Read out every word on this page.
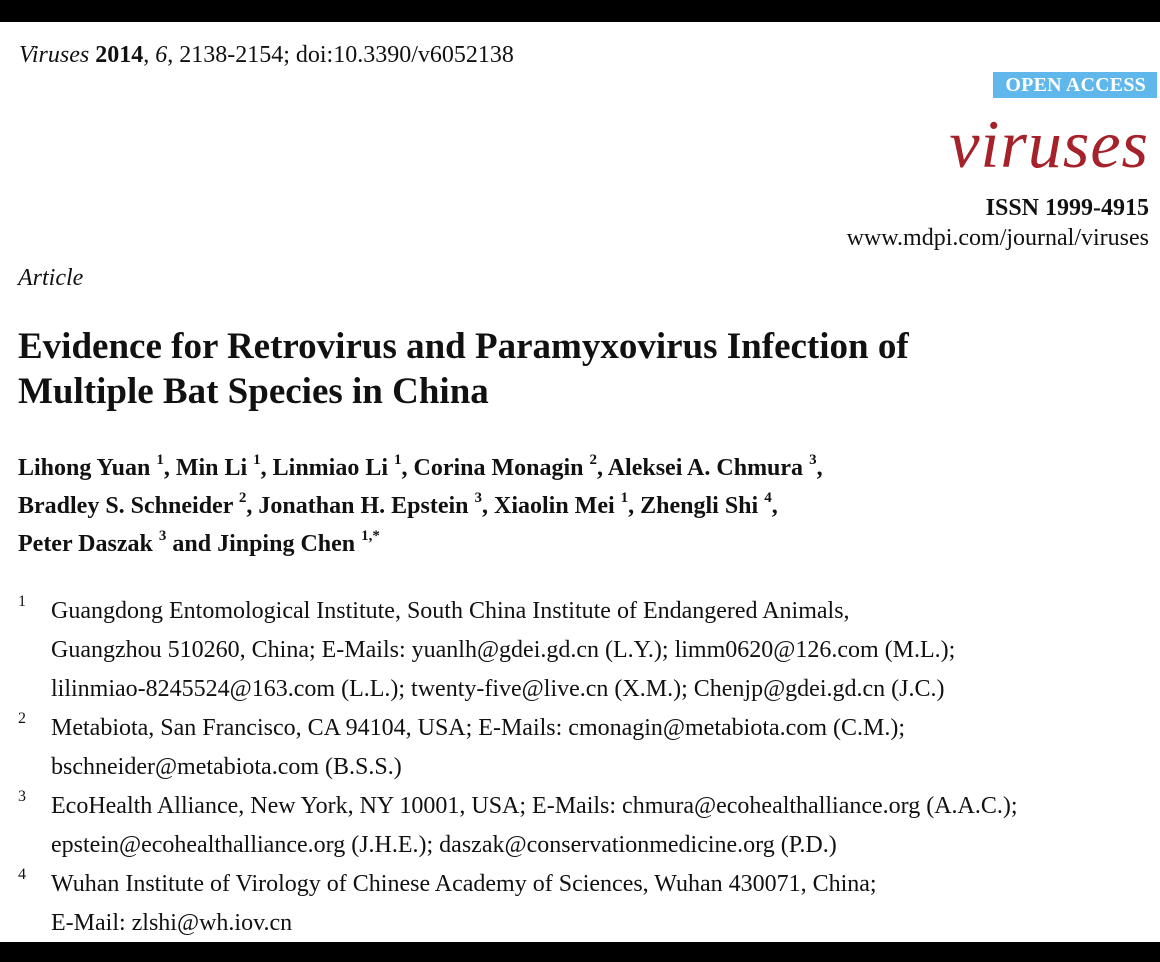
Viruses 2014, 6, 2138-2154; doi:10.3390/v6052138
OPEN ACCESS
viruses
ISSN 1999-4915
www.mdpi.com/journal/viruses
Article
Evidence for Retrovirus and Paramyxovirus Infection of
Multiple Bat Species in China
Lihong Yuan $^1$, Min Li $^1$, Linmiao Li $^1$, Corina Monagin $^2$, Aleksei A. Chmura $^3$,
Bradley S. Schneider $^2$, Jonathan H. Epstein $^3$, Xiaolin Mei $^1$, Zhengli Shi $^4$,
Peter Daszak $^3$ and Jinping Chen $^{1,*}$
1 Guangdong Entomological Institute, South China Institute of Endangered Animals,
Guangzhou 510260, China; E-Mails: yuanlh@gdei.gd.cn (L.Y.); limm0620@126.com (M.L.);
lilinmiao-8245524@163.com (L.L.); twenty-five@live.cn (X.M.); Chenjp@gdei.gd.cn (J.C.)
2 Metabiota, San Francisco, CA 94104, USA; E-Mails: cmonagin@metabiota.com (C.M.);
bschneider@metabiota.com (B.S.S.)
3 EcoHealth Alliance, New York, NY 10001, USA; E-Mails: chmura@ecohealthalliance.org (A.A.C.);
epstein@ecohealthalliance.org (J.H.E.); daszak@conservationmedicine.org (P.D.)
4 Wuhan Institute of Virology of Chinese Academy of Sciences, Wuhan 430071, China;
E-Mail: zlshi@wh.iov.cn
